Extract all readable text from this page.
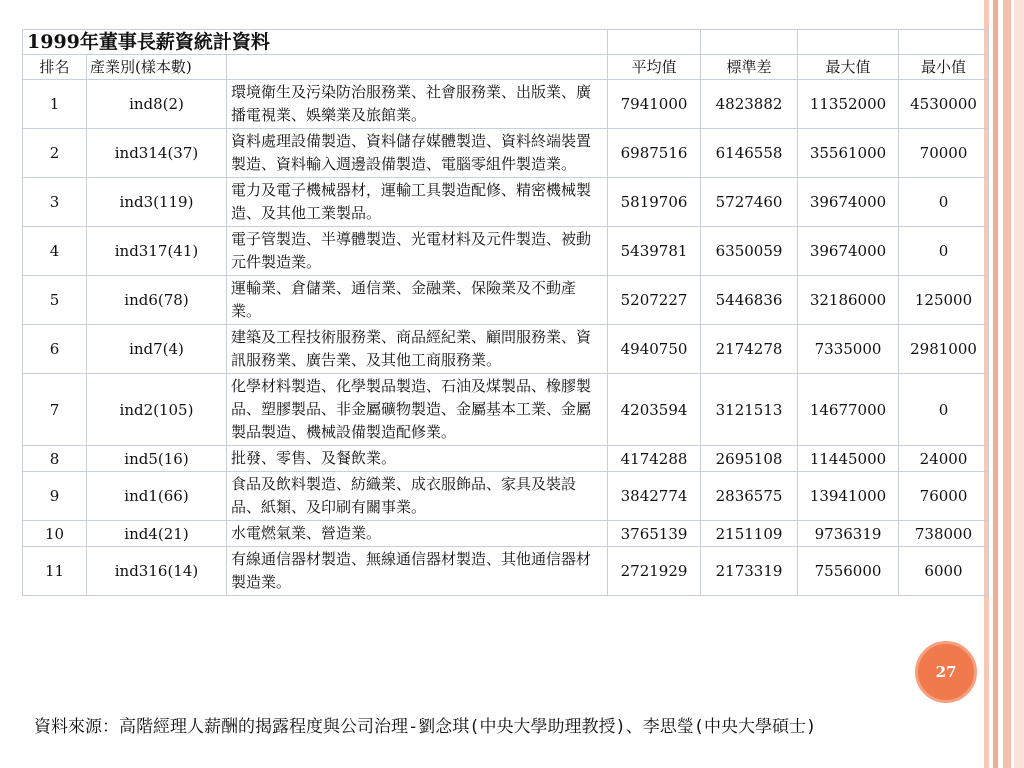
1999年董事長薪資統計資料						
排名	產業別(樣本數)		平均值	標準差	最大值	最小值
1	ind8(2)	環境衛生及污染防治服務業、社會服務業、出版業、廣播電視業、娛樂業及旅館業。	7941000	4823882	11352000	4530000
2	ind314(37)	資料處理設備製造、資料儲存媒體製造、資料終端裝置製造、資料輸入週邊設備製造、電腦零組件製造業。	6987516	6146558	35561000	70000
3	ind3(119)	電力及電子機械器材，運輸工具製造配修、精密機械製造、及其他工業製品。	5819706	5727460	39674000	0
4	ind317(41)	電子管製造、半導體製造、光電材料及元件製造、被動元件製造業。	5439781	6350059	39674000	0
5	ind6(78)	運輸業、倉儲業、通信業、金融業、保險業及不動產業。	5207227	5446836	32186000	125000
6	ind7(4)	建築及工程技術服務業、商品經紀業、顧問服務業、資訊服務業、廣告業、及其他工商服務業。	4940750	2174278	7335000	2981000
7	ind2(105)	化學材料製造、化學製品製造、石油及煤製品、橡膠製品、塑膠製品、非金屬礦物製造、金屬基本工業、金屬製品製造、機械設備製造配修業。	4203594	3121513	14677000	0
8	ind5(16)	批發、零售、及餐飲業。	4174288	2695108	11445000	24000
9	ind1(66)	食品及飲料製造、紡織業、成衣服飾品、家具及裝設品、紙類、及印刷有關事業。	3842774	2836575	13941000	76000
10	ind4(21)	水電燃氣業、營造業。	3765139	2151109	9736319	738000
11	ind316(14)	有線通信器材製造、無線通信器材製造、其他通信器材製造業。	2721929	2173319	7556000	6000
資料來源：高階經理人薪酬的揭露程度與公司治理-劉念琪(中央大學助理教授)、李思瑩(中央大學碩士)
27
